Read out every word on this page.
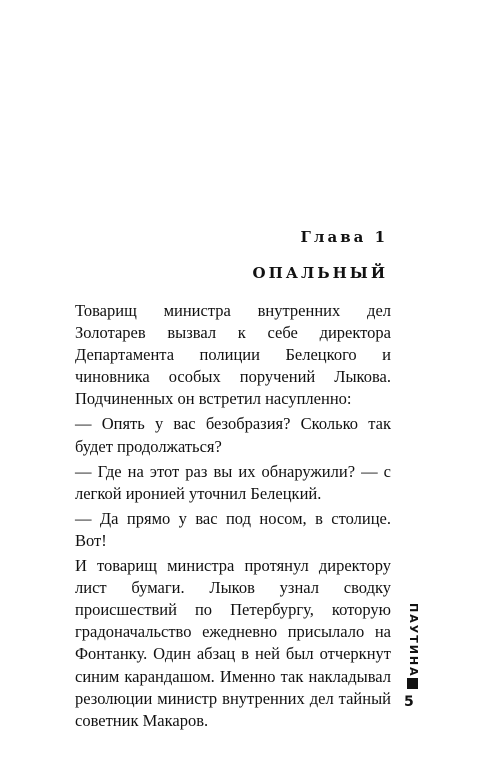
Глава 1
ОПАЛЬНЫЙ

Товарищ министра внутренних дел Золотарев вызвал к себе директора Департамента полиции Белецкого и чиновника особых поручений Лыкова. Подчиненных он встретил насупленно:

— Опять у вас безобразия? Сколько так будет продолжаться?

— Где на этот раз вы их обнаружили? — с легкой иронией уточнил Белецкий.

— Да прямо у вас под носом, в столице. Вот!

И товарищ министра протянул директору лист бумаги. Лыков узнал сводку происшествий по Петербургу, которую градоначальство ежедневно присылало на Фонтанку. Один абзац в ней был отчеркнут синим карандашом. Именно так накладывал резолюции министр внутренних дел тайный советник Макаров.

ПАУТИНА
5
